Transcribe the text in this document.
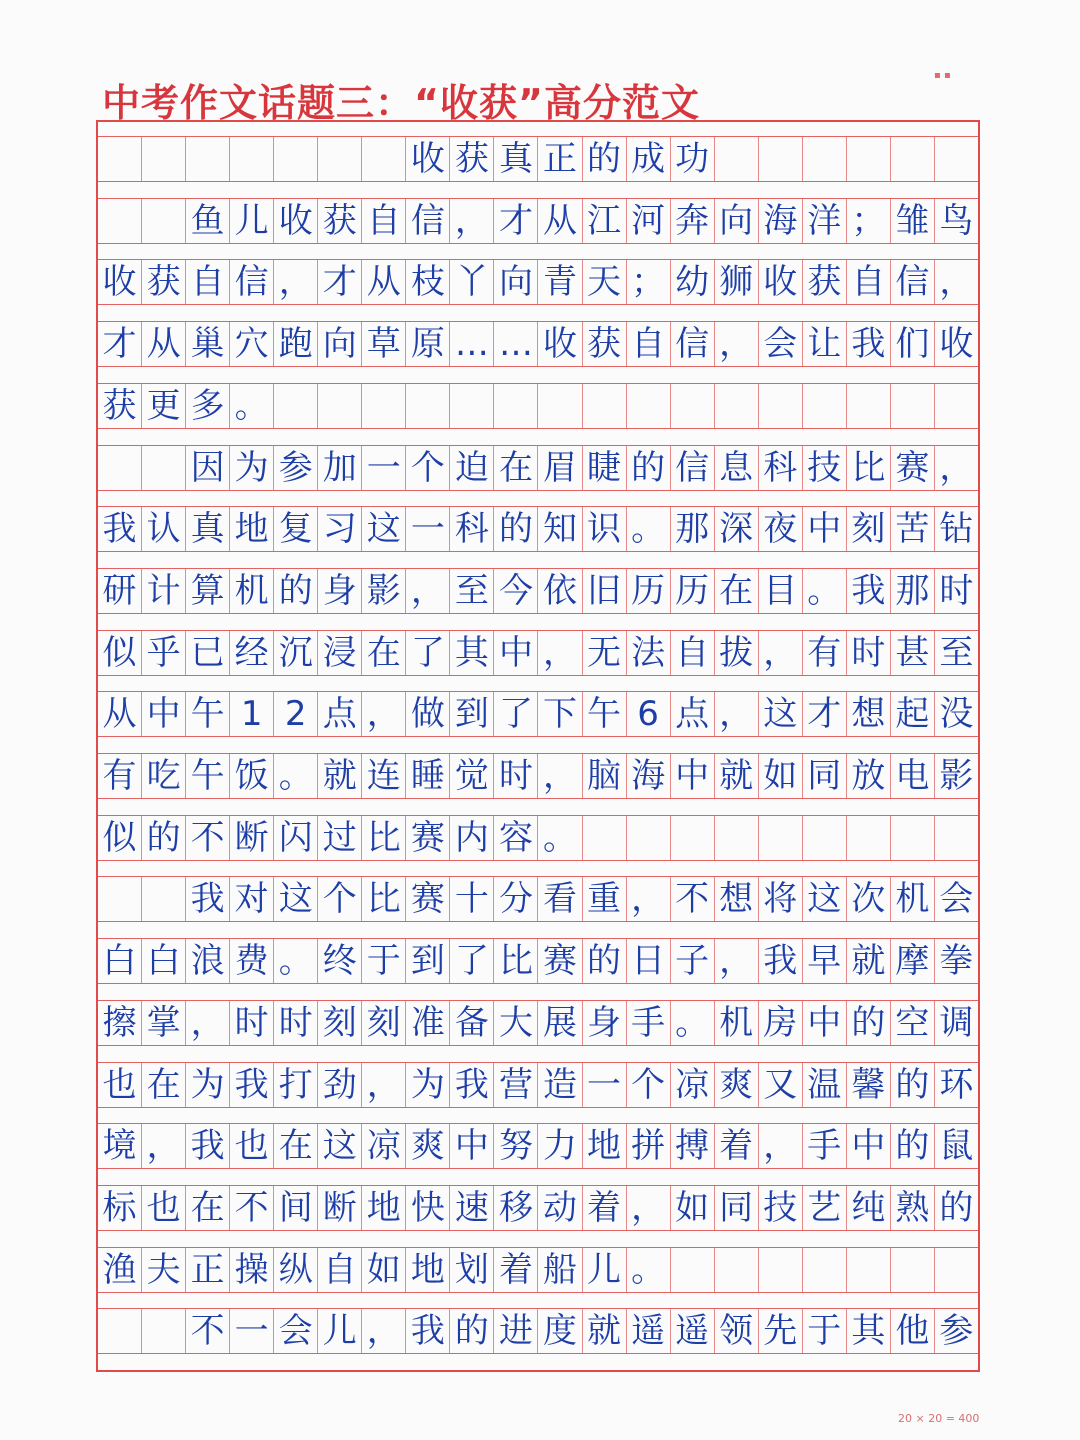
中考作文话题三：“收获”高分范文
▪ ▪

收 获 真 正 的 成 功

鱼 儿 收 获 自 信 ， 才 从 江 河 奔 向 海 洋 ； 雏 鸟
收 获 自 信 ， 才 从 枝 丫 向 青 天 ； 幼 狮 收 获 自 信 ，
才 从 巢 穴 跑 向 草 原 … … 收 获 自 信 ， 会 让 我 们 收
获 更 多 。

因 为 参 加 一 个 迫 在 眉 睫 的 信 息 科 技 比 赛 ，
我 认 真 地 复 习 这 一 科 的 知 识 。 那 深 夜 中 刻 苦 钻
研 计 算 机 的 身 影 ， 至 今 依 旧 历 历 在 目 。 我 那 时
似 乎 已 经 沉 浸 在 了 其 中 ， 无 法 自 拔 ， 有 时 甚 至
从 中 午 1 2 点 ， 做 到 了 下 午 6 点 ， 这 才 想 起 没
有 吃 午 饭 。 就 连 睡 觉 时 ， 脑 海 中 就 如 同 放 电 影
似 的 不 断 闪 过 比 赛 内 容 。

我 对 这 个 比 赛 十 分 看 重 ， 不 想 将 这 次 机 会
白 白 浪 费 。 终 于 到 了 比 赛 的 日 子 ， 我 早 就 摩 拳
擦 掌 ， 时 时 刻 刻 准 备 大 展 身 手 。 机 房 中 的 空 调
也 在 为 我 打 劲 ， 为 我 营 造 一 个 凉 爽 又 温 馨 的 环
境 ， 我 也 在 这 凉 爽 中 努 力 地 拼 搏 着 ， 手 中 的 鼠
标 也 在 不 间 断 地 快 速 移 动 着 ， 如 同 技 艺 纯 熟 的
渔 夫 正 操 纵 自 如 地 划 着 船 儿 。

不 一 会 儿 ， 我 的 进 度 就 遥 遥 领 先 于 其 他 参
20 × 20 = 400
